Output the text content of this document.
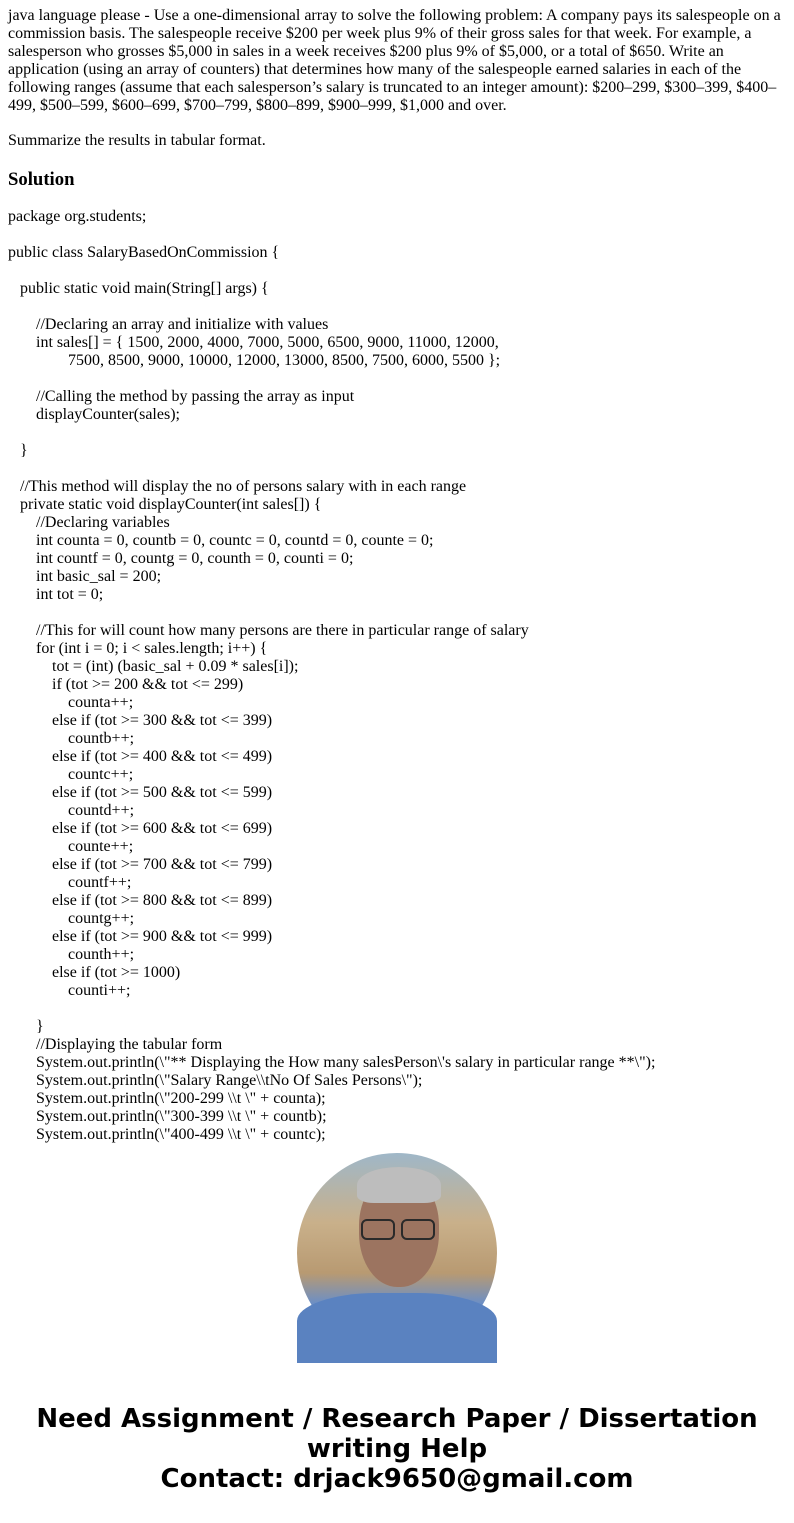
java language please - Use a one-dimensional array to solve the following problem: A company pays its salespeople on a commission basis. The salespeople receive $200 per week plus 9% of their gross sales for that week. For example, a salesperson who grosses $5,000 in sales in a week receives $200 plus 9% of $5,000, or a total of $650. Write an application (using an array of counters) that determines how many of the salespeople earned salaries in each of the following ranges (assume that each salesperson’s salary is truncated to an integer amount): $200–299, $300–399, $400–499, $500–599, $600–699, $700–799, $800–899, $900–999, $1,000 and over.

Summarize the results in tabular format.

Solution
package org.students;
public class SalaryBasedOnCommission {
public static void main(String[] args) {
//Declaring an array and initialize with values
int sales[] = { 1500, 2000, 4000, 7000, 5000, 6500, 9000, 11000, 12000,
7500, 8500, 9000, 10000, 12000, 13000, 8500, 7500, 6000, 5500 };
//Calling the method by passing the array as input
displayCounter(sales);
}
//This method will display the no of persons salary with in each range
private static void displayCounter(int sales[]) {
//Declaring variables
int counta = 0, countb = 0, countc = 0, countd = 0, counte = 0;
int countf = 0, countg = 0, counth = 0, counti = 0;
int basic_sal = 200;
int tot = 0;
//This for will count how many persons are there in particular range of salary
for (int i = 0; i < sales.length; i++) {
tot = (int) (basic_sal + 0.09 * sales[i]);
if (tot >= 200 && tot <= 299)
counta++;
else if (tot >= 300 && tot <= 399)
countb++;
else if (tot >= 400 && tot <= 499)
countc++;
else if (tot >= 500 && tot <= 599)
countd++;
else if (tot >= 600 && tot <= 699)
counte++;
else if (tot >= 700 && tot <= 799)
countf++;
else if (tot >= 800 && tot <= 899)
countg++;
else if (tot >= 900 && tot <= 999)
counth++;
else if (tot >= 1000)
counti++;
}
//Displaying the tabular form
System.out.println(\"** Displaying the How many salesPerson\'s salary in particular range **\");
System.out.println(\"Salary Range\\tNo Of Sales Persons\");
System.out.println(\"200-299 \\t \" + counta);
System.out.println(\"300-399 \\t \" + countb);
System.out.println(\"400-499 \\t \" + countc);
Need Assignment / Research Paper / Dissertation
writing Help
Contact: drjack9650@gmail.com
